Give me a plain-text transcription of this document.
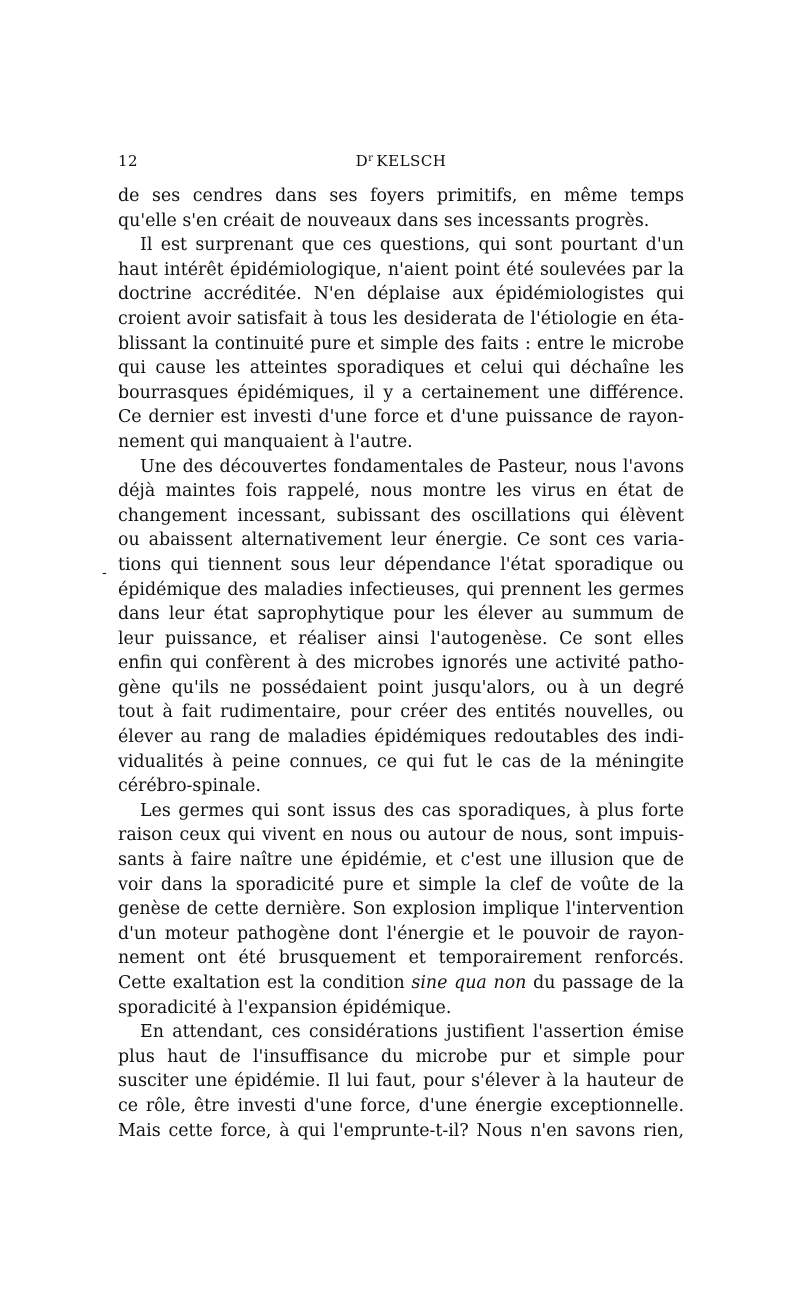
12	$D^r$ KELSCH
-
de ses cendres dans ses foyers primitifs, en même temps
qu'elle s'en créait de nouveaux dans ses incessants progrès.
Il est surprenant que ces questions, qui sont pourtant d'un
haut intérêt épidémiologique, n'aient point été soulevées par la
doctrine accréditée. N'en déplaise aux épidémiologistes qui
croient avoir satisfait à tous les desiderata de l'étiologie en éta-
blissant la continuité pure et simple des faits : entre le microbe
qui cause les atteintes sporadiques et celui qui déchaîne les
bourrasques épidémiques, il y a certainement une différence.
Ce dernier est investi d'une force et d'une puissance de rayon-
nement qui manquaient à l'autre.
Une des découvertes fondamentales de Pasteur, nous l'avons
déjà maintes fois rappelé, nous montre les virus en état de
changement incessant, subissant des oscillations qui élèvent
ou abaissent alternativement leur énergie. Ce sont ces varia-
tions qui tiennent sous leur dépendance l'état sporadique ou
épidémique des maladies infectieuses, qui prennent les germes
dans leur état saprophytique pour les élever au summum de
leur puissance, et réaliser ainsi l'autogenèse. Ce sont elles
enfin qui confèrent à des microbes ignorés une activité patho-
gène qu'ils ne possédaient point jusqu'alors, ou à un degré
tout à fait rudimentaire, pour créer des entités nouvelles, ou
élever au rang de maladies épidémiques redoutables des indi-
vidualités à peine connues, ce qui fut le cas de la méningite
cérébro-spinale.
Les germes qui sont issus des cas sporadiques, à plus forte
raison ceux qui vivent en nous ou autour de nous, sont impuis-
sants à faire naître une épidémie, et c'est une illusion que de
voir dans la sporadicité pure et simple la clef de voûte de la
genèse de cette dernière. Son explosion implique l'intervention
d'un moteur pathogène dont l'énergie et le pouvoir de rayon-
nement ont été brusquement et temporairement renforcés.
Cette exaltation est la condition sine qua non du passage de la
sporadicité à l'expansion épidémique.
En attendant, ces considérations justifient l'assertion émise
plus haut de l'insuffisance du microbe pur et simple pour
susciter une épidémie. Il lui faut, pour s'élever à la hauteur de
ce rôle, être investi d'une force, d'une énergie exceptionnelle.
Mais cette force, à qui l'emprunte-t-il? Nous n'en savons rien,
